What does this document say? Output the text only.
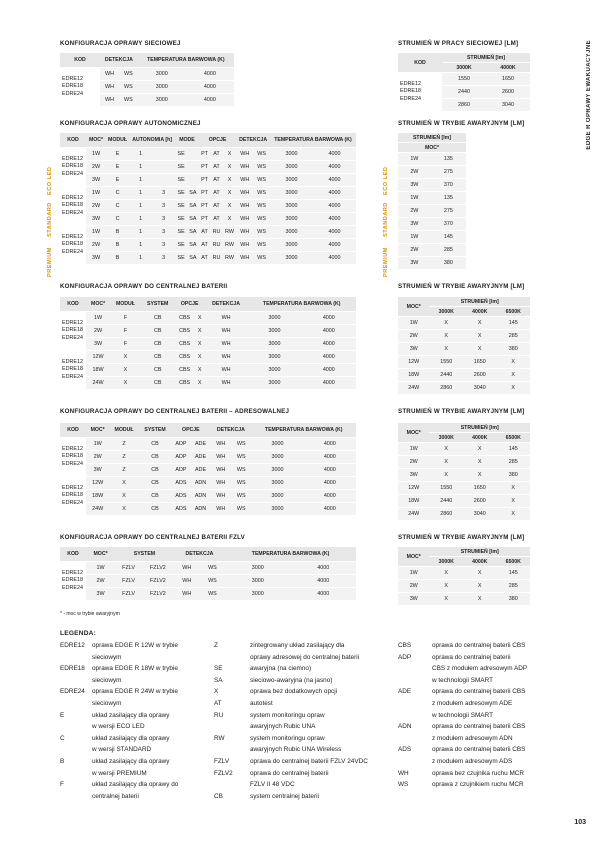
EDGE R OPRAWY EWAKUACYJNE
KONFIGURACJA OPRAWY SIECIOWEJ	STRUMIEŃ W PRACY SIECIOWEJ [LM]
KOD	DETEKCJA		TEMPERATURA BARWOWA (K)	
EDRE12
EDRE18
EDRE24	WH	WS	3000	4000
	WH	WS	3000	4000
	WH	WS	3000	4000
KOD	STRUMIEŃ [lm]	
	3000K	4000K
EDRE12
EDRE18
EDRE24	1550	1650
	2440	2600
	2860	3040
KONFIGURACJA OPRAWY AUTONOMICZNEJ	STRUMIEŃ W TRYBIE AWARYJNYM [LM]
KOD	MOC*	MODUŁ	AUTONOMIA [h]		MODE		OPCJE			DETEKCJA		TEMPERATURA BARWOWA (K)	
EDRE12
EDRE18
EDRE24	1W	E	1		SE		PT	AT	X	WH	WS	3000	4000
	2W	E	1		SE		PT	AT	X	WH	WS	3000	4000
	3W	E	1		SE		PT	AT	X	WH	WS	3000	4000
EDRE12
EDRE18
EDRE24	1W	C	1	3	SE	SA	PT	AT	X	WH	WS	3000	4000
	2W	C	1	3	SE	SA	PT	AT	X	WH	WS	3000	4000
	3W	C	1	3	SE	SA	PT	AT	X	WH	WS	3000	4000
EDRE12
EDRE18
EDRE24	1W	B	1	3	SE	SA	AT	RU	RW	WH	WS	3000	4000
	2W	B	1	3	SE	SA	AT	RU	RW	WH	WS	3000	4000
	3W	B	1	3	SE	SA	AT	RU	RW	WH	WS	3000	4000
STRUMIEŃ [lm]	
MOC*	
1W	135
2W	275
3W	370
1W	135
2W	275
3W	370
1W	145
2W	285
3W	380
ECO LED
STANDARD
PREMIUM
ECO LED
STANDARD
PREMIUM
KONFIGURACJA OPRAWY DO CENTRALNEJ BATERII	STRUMIEŃ W TRYBIE AWARYJNYM [LM]
KOD	MOC*	MODUŁ	SYSTEM	OPCJE		DETEKCJA	TEMPERATURA BARWOWA (K)	
EDRE12
EDRE18
EDRE24	1W	F	CB	CBS	X	WH	3000	4000
	2W	F	CB	CBS	X	WH	3000	4000
	3W	F	CB	CBS	X	WH	3000	4000
EDRE12
EDRE18
EDRE24	12W	X	CB	CBS	X	WH	3000	4000
	18W	X	CB	CBS	X	WH	3000	4000
	24W	X	CB	CBS	X	WH	3000	4000
MOC*	STRUMIEŃ [lm]		
	3000K	4000K	6500K
1W	X	X	145
2W	X	X	285
3W	X	X	380
12W	1550	1650	X
18W	2440	2600	X
24W	2860	3040	X
KONFIGURACJA OPRAWY DO CENTRALNEJ BATERII – ADRESOWALNEJ	STRUMIEŃ W TRYBIE AWARYJNYM [LM]
KOD	MOC*	MODUŁ	SYSTEM	OPCJE		DETEKCJA		TEMPERATURA BARWOWA (K)	
EDRE12
EDRE18
EDRE24	1W	Z	CB	ADP	ADE	WH	WS	3000	4000
	2W	Z	CB	ADP	ADE	WH	WS	3000	4000
	3W	Z	CB	ADP	ADE	WH	WS	3000	4000
EDRE12
EDRE18
EDRE24	12W	X	CB	ADS	ADN	WH	WS	3000	4000
	18W	X	CB	ADS	ADN	WH	WS	3000	4000
	24W	X	CB	ADS	ADN	WH	WS	3000	4000
MOC*	STRUMIEŃ [lm]		
	3000K	4000K	6500K
1W	X	X	145
2W	X	X	285
3W	X	X	380
12W	1550	1650	X
18W	2440	2600	X
24W	2860	3040	X
KONFIGURACJA OPRAWY DO CENTRALNEJ BATERII FZLV	STRUMIEŃ W TRYBIE AWARYJNYM [LM]
KOD	MOC*	SYSTEM		DETEKCJA		TEMPERATURA BARWOWA (K)	
EDRE12
EDRE18
EDRE24	1W	FZLV	FZLV2	WH	WS	3000	4000
	2W	FZLV	FZLV2	WH	WS	3000	4000
	3W	FZLV	FZLV2	WH	WS	3000	4000
MOC*	STRUMIEŃ [lm]		
	3000K	4000K	6500K
1W	X	X	145
2W	X	X	285
3W	X	X	380
* - moc w trybie awaryjnym
LEGENDA:
EDRE12 oprawa EDGE R 12W w trybie
sieciowym
EDRE18 oprawa EDGE R 18W w trybie
sieciowym
EDRE24 oprawa EDGE R 24W w trybie
sieciowym
E	układ zasilający dla oprawy
w wersji ECO LED
C	układ zasilający dla oprawy
w wersji STANDARD
B	układ zasilający dla oprawy
w wersji PREMIUM
F	układ zasilający dla oprawy do
centralnej baterii
Z	zintegrowany układ zasilający dla
oprawy adresowej do centralnej baterii
SE	awaryjna (na ciemno)
SA	sieciowo-awaryjna (na jasno)
X	oprawa bez dodatkowych opcji
AT	autotest
RU	system monitoringu opraw
awaryjnych Rubic UNA
RW	system monitoringu opraw
awaryjnych Rubic UNA Wireless
FZLV	oprawa do centralnej baterii FZLV 24VDC
FZLV2	oprawa do centralnej baterii
FZLV II 48 VDC
CB	system centralnej baterii
CBS	oprawa do centralnej baterii CBS
ADP	oprawa do centralnej baterii
CBS z modułem adresowym ADP
w technologii SMART
ADE	oprawa do centralnej baterii CBS
z modułem adresowym ADE
w technologii SMART
ADN	oprawa do centralnej baterii CBS
z modułem adresowym ADN
ADS	oprawa do centralnej baterii CBS
z modułem adresowym ADS
WH	oprawa bez czujnika ruchu MCR
WS	oprawa z czujnikiem ruchu MCR
103
